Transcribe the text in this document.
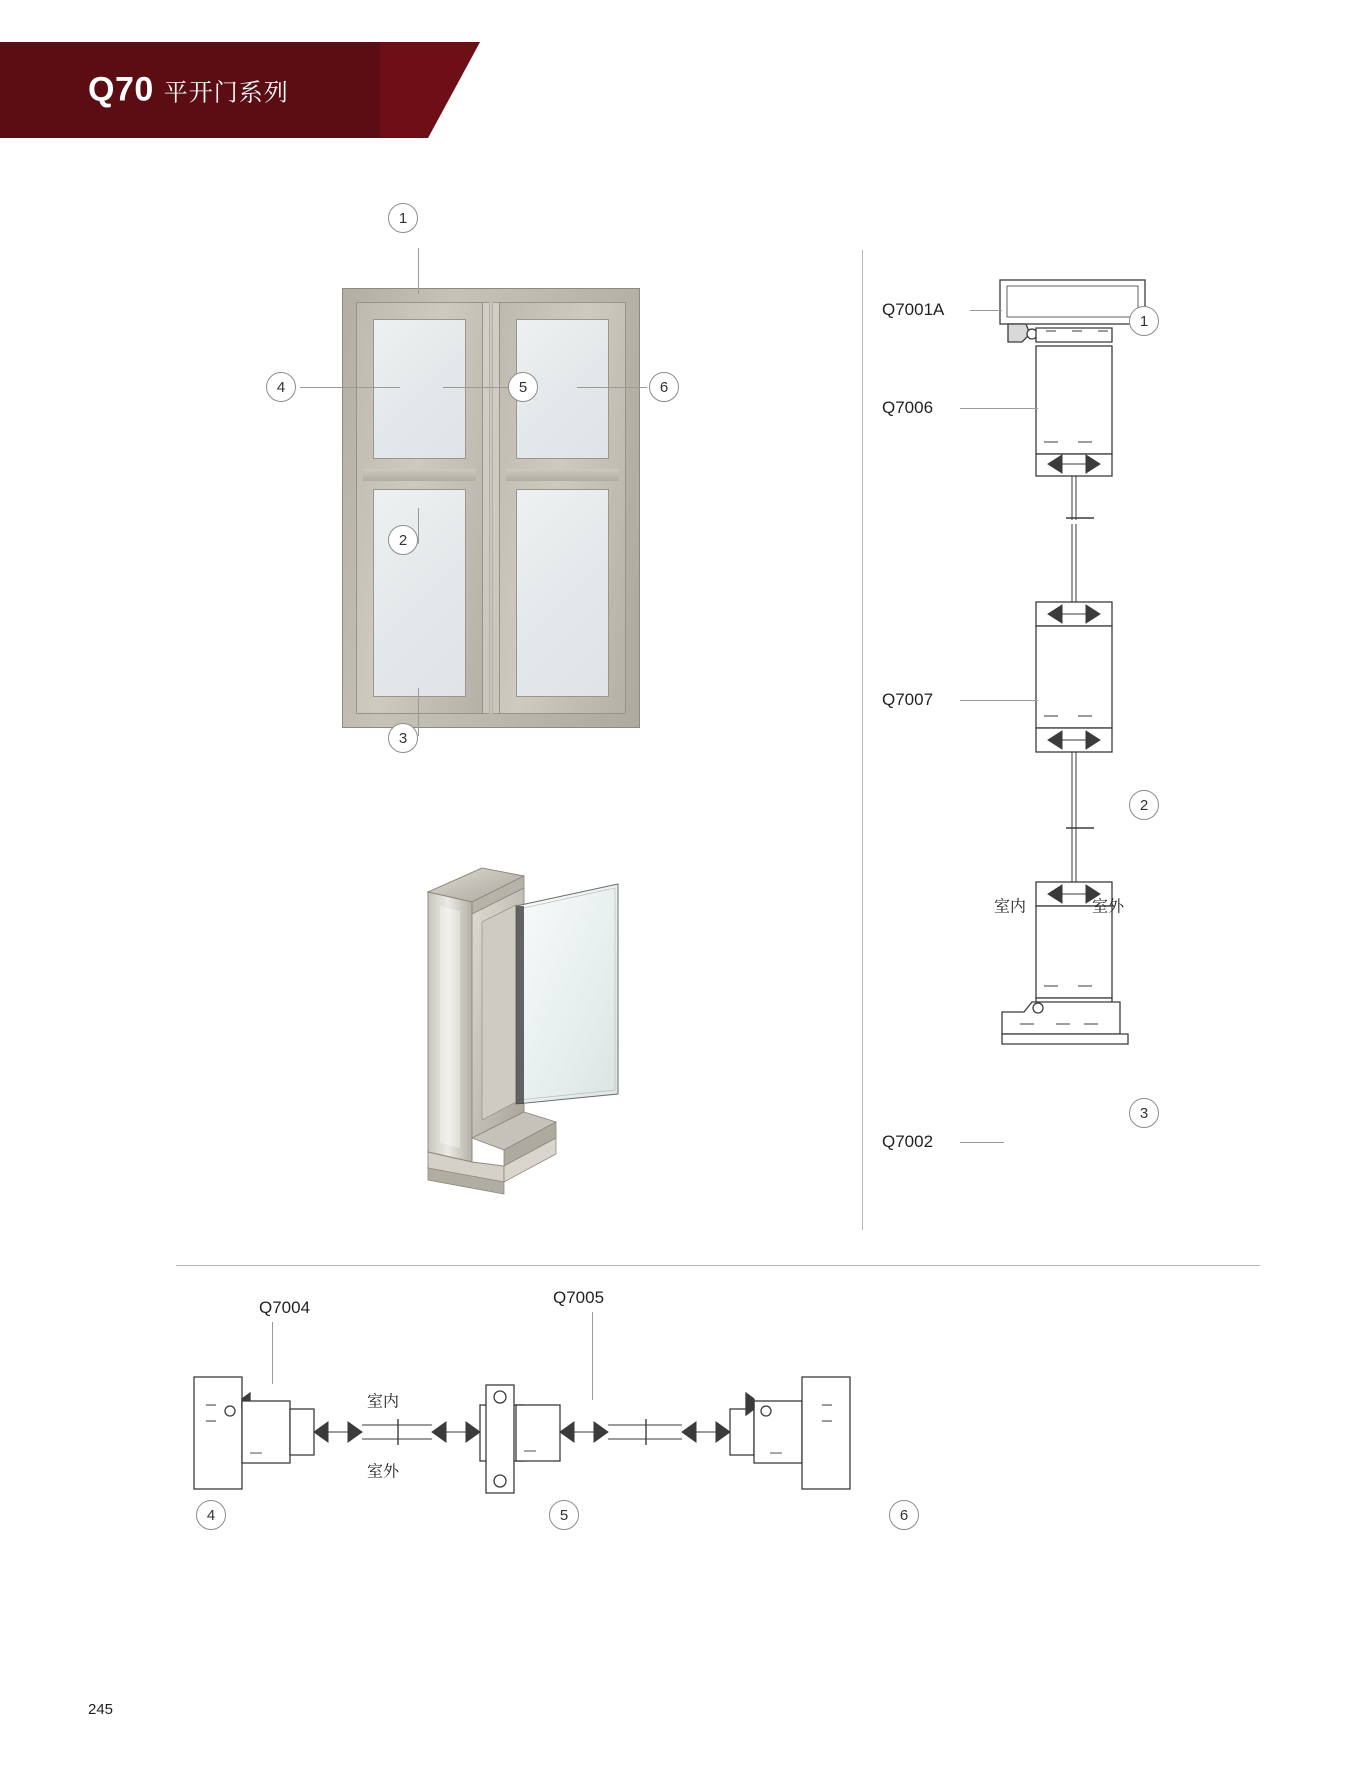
Q70 平开门系列
1
2
3
4	5	6
Q7001A
Q7006
Q7007
Q7002
室内	室外
1
2
3
Q7004
Q7005
室内
室外
4	5	6
245
